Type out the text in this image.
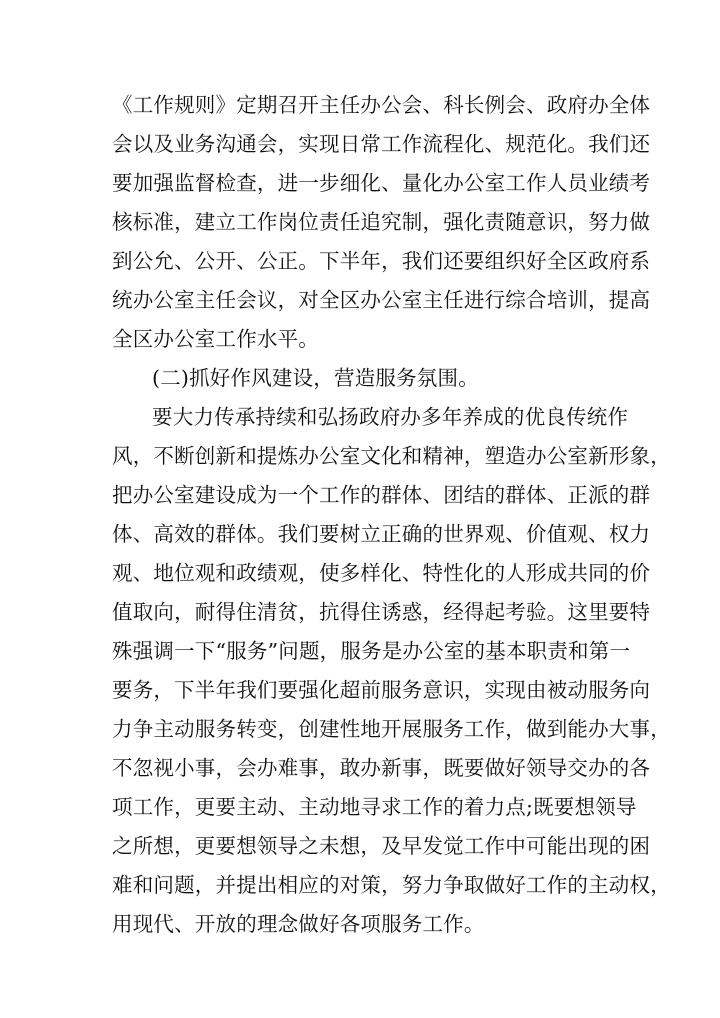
《工作规则》定期召开主任办公会、科长例会、政府办全体
会以及业务沟通会，实现日常工作流程化、规范化。我们还
要加强监督检查，进一步细化、量化办公室工作人员业绩考
核标准，建立工作岗位责任追究制，强化责随意识，努力做
到公允、公开、公正。下半年，我们还要组织好全区政府系
统办公室主任会议，对全区办公室主任进行综合培训，提高
全区办公室工作水平。
(二)抓好作风建设，营造服务氛围。
要大力传承持续和弘扬政府办多年养成的优良传统作
风，不断创新和提炼办公室文化和精神，塑造办公室新形象，
把办公室建设成为一个工作的群体、团结的群体、正派的群
体、高效的群体。我们要树立正确的世界观、价值观、权力
观、地位观和政绩观，使多样化、特性化的人形成共同的价
值取向，耐得住清贫，抗得住诱惑，经得起考验。这里要特
殊强调一下“服务”问题，服务是办公室的基本职责和第一
要务，下半年我们要强化超前服务意识，实现由被动服务向
力争主动服务转变，创建性地开展服务工作，做到能办大事，
不忽视小事，会办难事，敢办新事，既要做好领导交办的各
项工作，更要主动、主动地寻求工作的着力点;既要想领导
之所想，更要想领导之未想，及早发觉工作中可能出现的困
难和问题，并提出相应的对策，努力争取做好工作的主动权，
用现代、开放的理念做好各项服务工作。
